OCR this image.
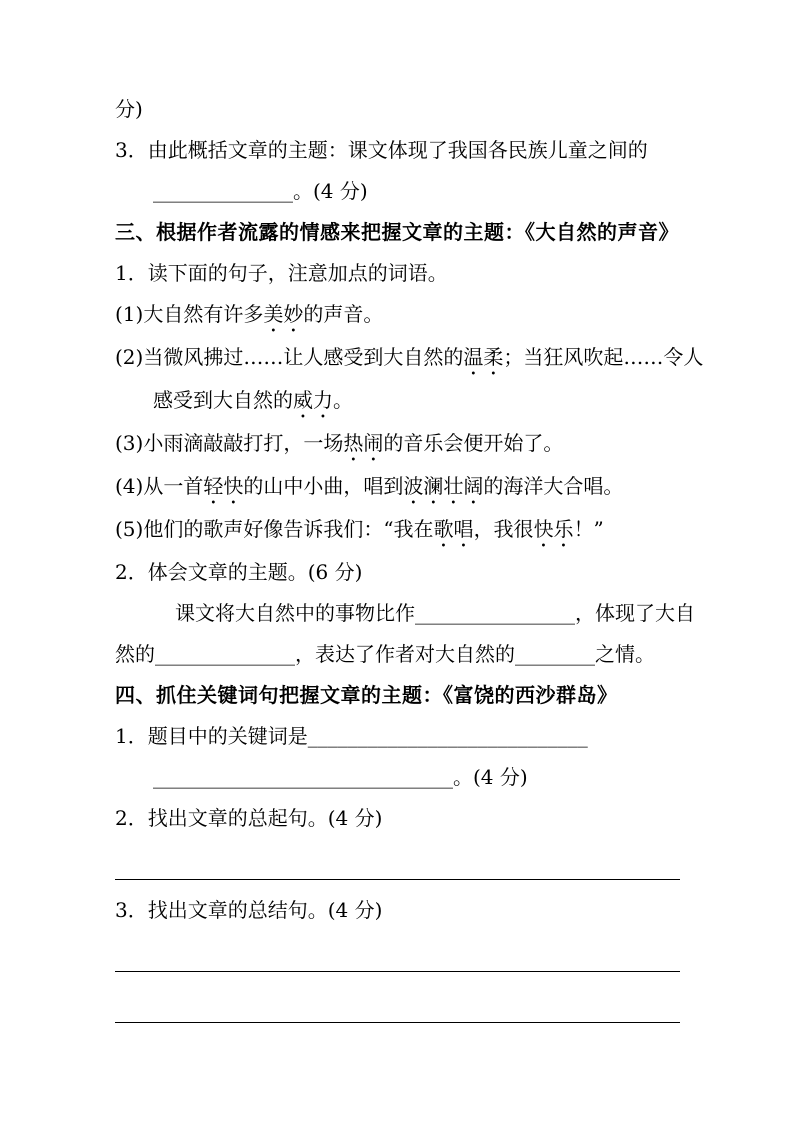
分)
3．由此概括文章的主题：课文体现了我国各民族儿童之间的
______________。(4 分)
三、根据作者流露的情感来把握文章的主题：《大自然的声音》
1．读下面的句子，注意加点的词语。
(1)大自然有许多美妙的声音。
(2)当微风拂过……让人感受到大自然的温柔；当狂风吹起……令人
感受到大自然的威力。
(3)小雨滴敲敲打打，一场热闹的音乐会便开始了。
(4)从一首轻快的山中小曲，唱到波澜壮阔的海洋大合唱。
(5)他们的歌声好像告诉我们：“我在歌唱，我很快乐！”
2．体会文章的主题。(6 分)
课文将大自然中的事物比作________________，体现了大自
然的______________，表达了作者对大自然的________之情。
四、抓住关键词句把握文章的主题：《富饶的西沙群岛》
1．题目中的关键词是____________________________
______________________________。(4 分)
2．找出文章的总起句。(4 分)
3．找出文章的总结句。(4 分)
